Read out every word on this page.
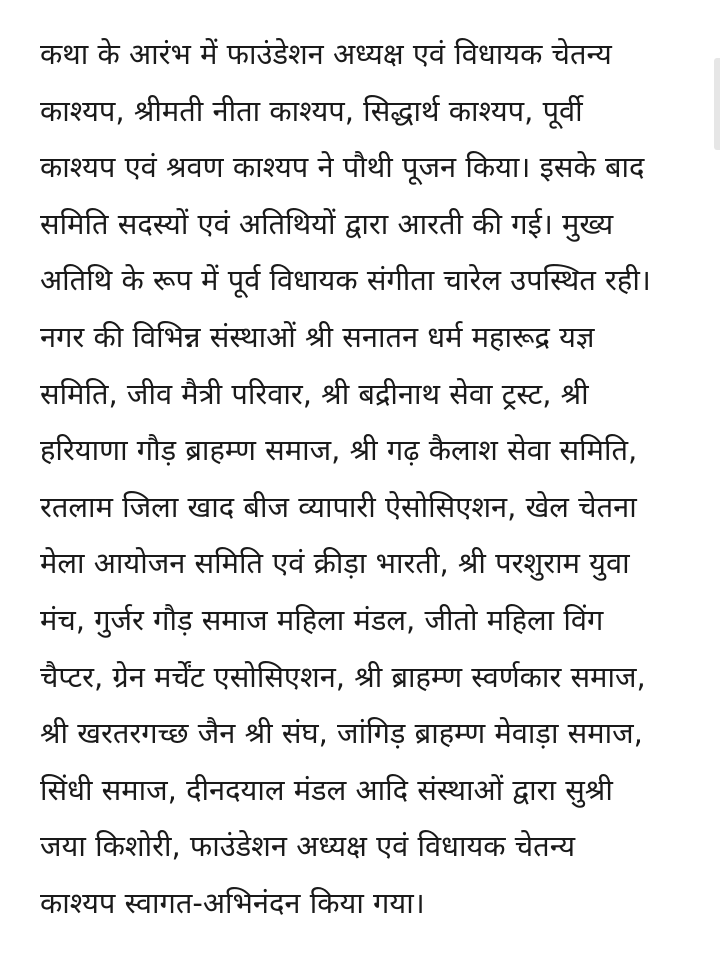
कथा के आरंभ में फाउंडेशन अध्यक्ष एवं विधायक चेतन्य
काश्यप, श्रीमती नीता काश्यप, सिद्धार्थ काश्यप, पूर्वी
काश्यप एवं श्रवण काश्यप ने पौथी पूजन किया। इसके बाद
समिति सदस्यों एवं अतिथियों द्वारा आरती की गई। मुख्य
अतिथि के रूप में पूर्व विधायक संगीता चारेल उपस्थित रही।
नगर की विभिन्न संस्थाओं श्री सनातन धर्म महारूद्र यज्ञ
समिति, जीव मैत्री परिवार, श्री बद्रीनाथ सेवा ट्रस्ट, श्री
हरियाणा गौड़ ब्राहम्ण समाज, श्री गढ़ कैलाश सेवा समिति,
रतलाम जिला खाद बीज व्यापारी ऐसोसिएशन, खेल चेतना
मेला आयोजन समिति एवं क्रीड़ा भारती, श्री परशुराम युवा
मंच, गुर्जर गौड़ समाज महिला मंडल, जीतो महिला विंग
चैप्टर, ग्रेन मर्चेंट एसोसिएशन, श्री ब्राहम्ण स्वर्णकार समाज,
श्री खरतरगच्छ जैन श्री संघ, जांगिड़ ब्राहम्ण मेवाड़ा समाज,
सिंधी समाज, दीनदयाल मंडल आदि संस्थाओं द्वारा सुश्री
जया किशोरी, फाउंडेशन अध्यक्ष एवं विधायक चेतन्य
काश्यप स्वागत-अभिनंदन किया गया।
